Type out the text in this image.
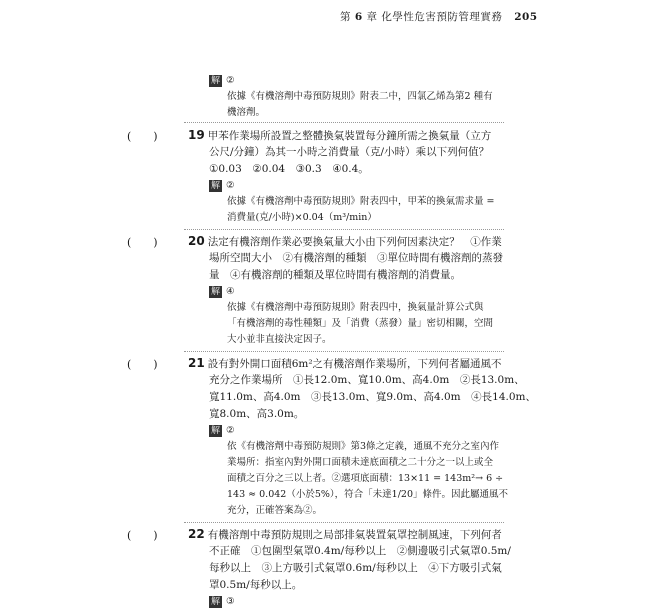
第 6 章 化學性危害預防管理實務 205
解 ②
依據《有機溶劑中毒預防規則》附表二中，四氯乙烯為第2 種有
機溶劑。
(　　)	19 甲苯作業場所設置之整體換氣裝置每分鐘所需之換氣量（立方
公尺/分鐘）為其一小時之消費量（克/小時）乘以下列何值？
①0.03　②0.04　③0.3　④0.4。
解 ②
依據《有機溶劑中毒預防規則》附表四中，甲苯的換氣需求量 =
消費量(克/小時)×0.04（m³/min）
(　　)	20 法定有機溶劑作業必要換氣量大小由下列何因素決定？　①作業
場所空間大小　②有機溶劑的種類　③單位時間有機溶劑的蒸發
量　④有機溶劑的種類及單位時間有機溶劑的消費量。
解 ④
依據《有機溶劑中毒預防規則》附表四中，換氣量計算公式與
「有機溶劑的毒性種類」及「消費（蒸發）量」密切相關，空間
大小並非直接決定因子。
(　　)	21 設有對外開口面積6m²之有機溶劑作業場所，下列何者屬通風不
充分之作業場所　①長12.0m、寬10.0m、高4.0m　②長13.0m、
寬11.0m、高4.0m　③長13.0m、寬9.0m、高4.0m　④長14.0m、
寬8.0m、高3.0m。
解 ②
依《有機溶劑中毒預防規則》第3條之定義，通風不充分之室內作
業場所：指室內對外開口面積未達底面積之二十分之一以上或全
面積之百分之三以上者。②選項底面積：13×11 = 143m²→ 6 ÷
143 ≈ 0.042（小於5%），符合「未達1/20」條件。因此屬通風不
充分，正確答案為②。
(　　)	22 有機溶劑中毒預防規則之局部排氣裝置氣罩控制風速，下列何者
不正確　①包圍型氣罩0.4m/每秒以上　②側邊吸引式氣罩0.5m/
每秒以上　③上方吸引式氣罩0.6m/每秒以上　④下方吸引式氣
罩0.5m/每秒以上。
解 ③
